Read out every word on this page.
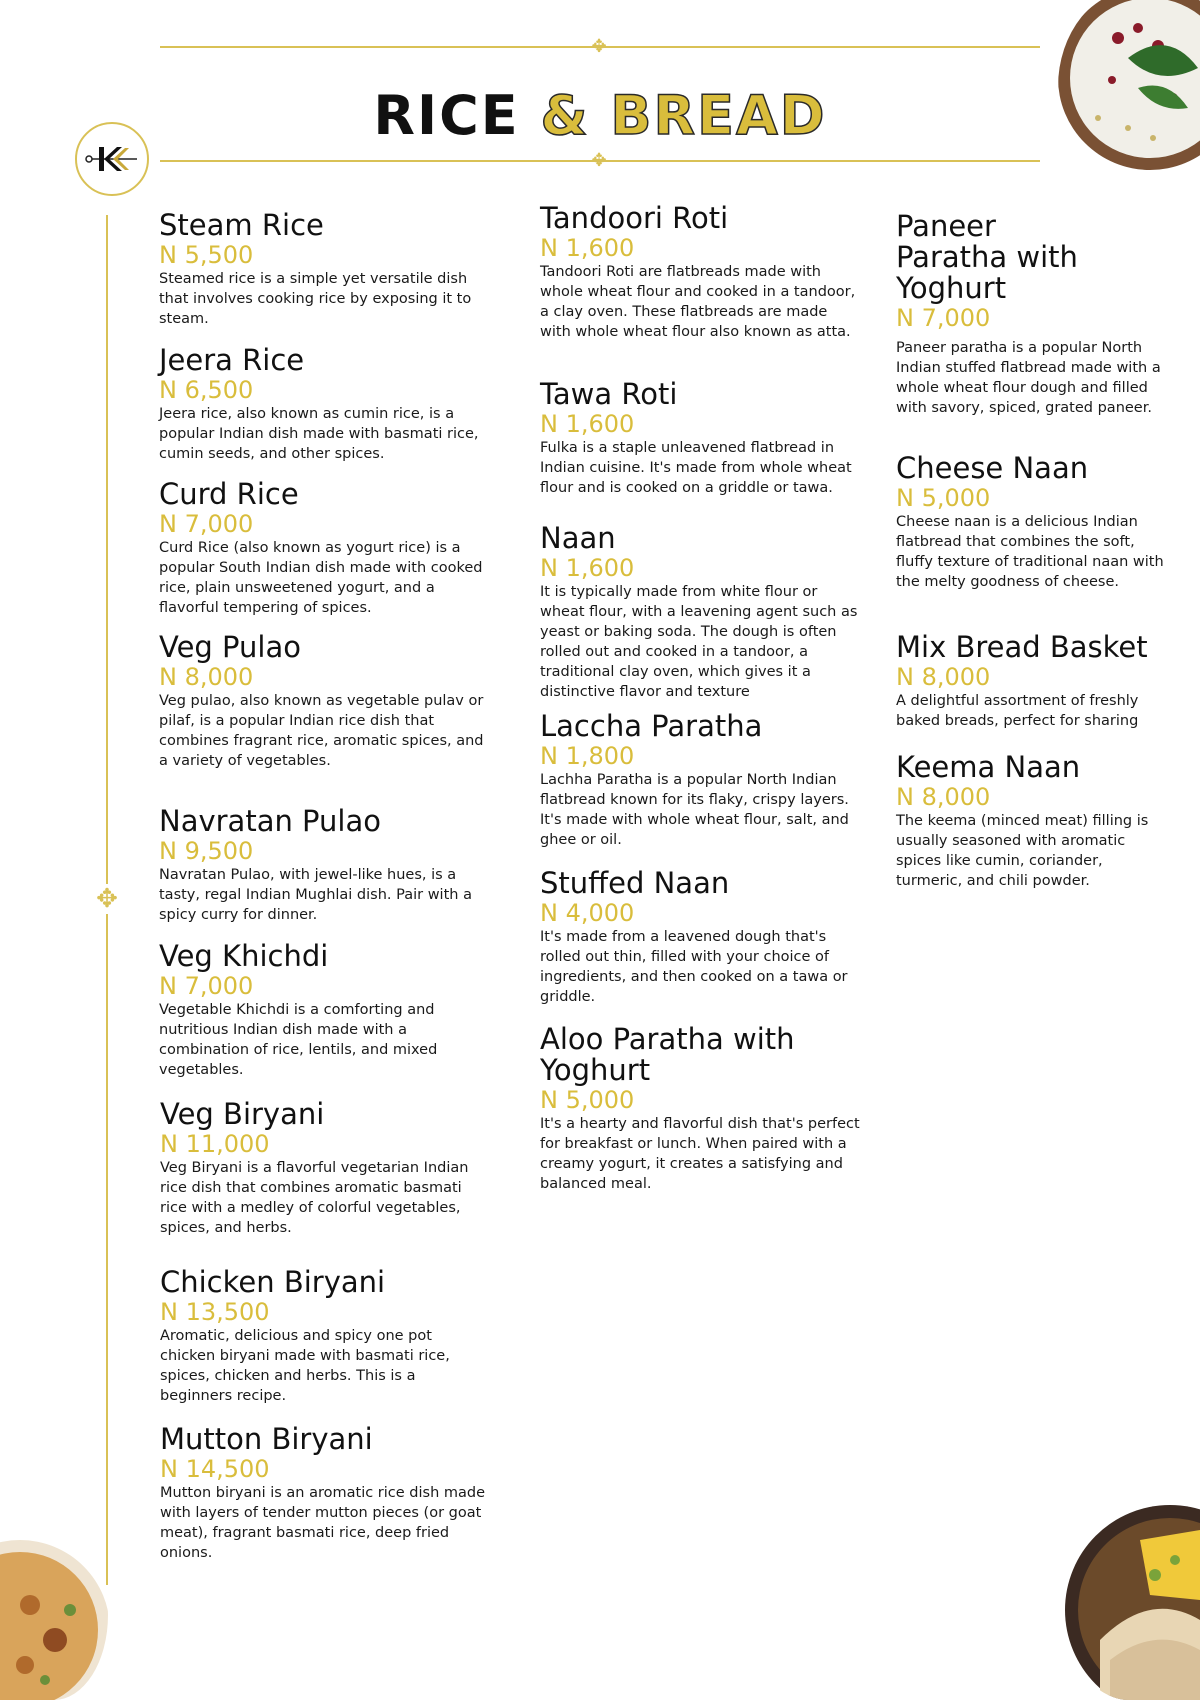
✥
RICE & BREAD
✥
✥
Steam Rice
N 5,500
Steamed rice is a simple yet versatile dish that involves cooking rice by exposing it to steam.
Jeera Rice
N 6,500
Jeera rice, also known as cumin rice, is a popular Indian dish made with basmati rice, cumin seeds, and other spices.
Curd Rice
N 7,000
Curd Rice (also known as yogurt rice) is a popular South Indian dish made with cooked rice, plain unsweetened yogurt, and a flavorful tempering of spices.
Veg Pulao
N 8,000
Veg pulao, also known as vegetable pulav or pilaf, is a popular Indian rice dish that combines fragrant rice, aromatic spices, and a variety of vegetables.
Navratan Pulao
N 9,500
Navratan Pulao, with jewel-like hues, is a tasty, regal Indian Mughlai dish. Pair with a spicy curry for dinner.
Veg Khichdi
N 7,000
Vegetable Khichdi is a comforting and nutritious Indian dish made with a combination of rice, lentils, and mixed vegetables.
Veg Biryani
N 11,000
Veg Biryani is a flavorful vegetarian Indian rice dish that combines aromatic basmati rice with a medley of colorful vegetables, spices, and herbs.
Chicken Biryani
N 13,500
Aromatic, delicious and spicy one pot chicken biryani made with basmati rice, spices, chicken and herbs. This is a beginners recipe.
Mutton Biryani
N 14,500
Mutton biryani is an aromatic rice dish made with layers of tender mutton pieces (or goat meat), fragrant basmati rice, deep fried onions.
Tandoori Roti
N 1,600
Tandoori Roti are flatbreads made with whole wheat flour and cooked in a tandoor, a clay oven. These flatbreads are made with whole wheat flour also known as atta.
Tawa Roti
N 1,600
Fulka is a staple unleavened flatbread in Indian cuisine. It's made from whole wheat flour and is cooked on a griddle or tawa.
Naan
N 1,600
It is typically made from white flour or wheat flour, with a leavening agent such as yeast or baking soda. The dough is often rolled out and cooked in a tandoor, a traditional clay oven, which gives it a distinctive flavor and texture
Laccha Paratha
N 1,800
Lachha Paratha is a popular North Indian flatbread known for its flaky, crispy layers. It's made with whole wheat flour, salt, and ghee or oil.
Stuffed Naan
N 4,000
It's made from a leavened dough that's rolled out thin, filled with your choice of ingredients, and then cooked on a tawa or griddle.
Aloo Paratha with Yoghurt
N 5,000
It's a hearty and flavorful dish that's perfect for breakfast or lunch. When paired with a creamy yogurt, it creates a satisfying and balanced meal.
Paneer Paratha with Yoghurt
N 7,000
Paneer paratha is a popular North Indian stuffed flatbread made with a whole wheat flour dough and filled with savory, spiced, grated paneer.
Cheese Naan
N 5,000
Cheese naan is a delicious Indian flatbread that combines the soft, fluffy texture of traditional naan with the melty goodness of cheese.
Mix Bread Basket
N 8,000
A delightful assortment of freshly baked breads, perfect for sharing
Keema Naan
N 8,000
The keema (minced meat) filling is usually seasoned with aromatic spices like cumin, coriander, turmeric, and chili powder.
